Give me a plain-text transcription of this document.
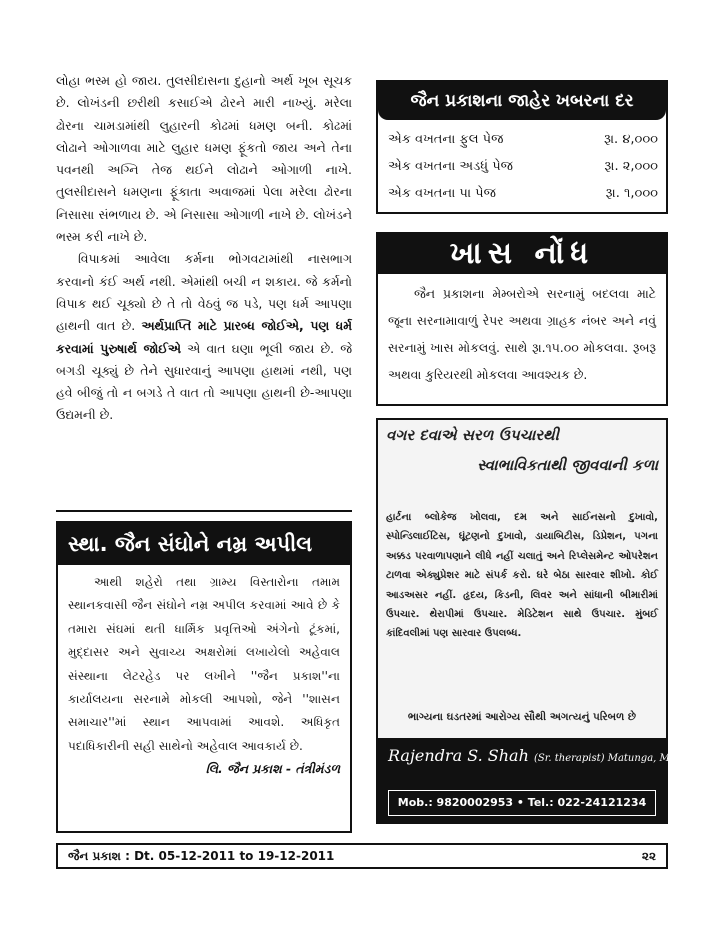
લોહા ભસ્મ હો જાય. તુલસીદાસના દુહાનો અર્થ ખૂબ સૂચક છે. લોખંડની છરીથી કસાઈએ ઢોરને મારી નાખ્યું. મરેલા ઢોરના ચામડામાંથી લુહારની કોઢમાં ધમણ બની. કોઢમાં લોઢાને ઓગાળવા માટે લુહાર ધમણ ફૂંકતો જાય અને તેના પવનથી અગ્નિ તેજ થઈને લોઢાને ઓગાળી નાખે. તુલસીદાસને ધમણના ફૂંકાતા અવાજમાં પેલા મરેલા ઢોરના નિસાસા સંભળાય છે. એ નિસાસા ઓગાળી નાખે છે. લોખંડને ભસ્મ કરી નાખે છે.

વિપાકમાં આવેલા કર્મના ભોગવટામાંથી નાસભાગ કરવાનો કંઈ અર્થ નથી. એમાંથી બચી ન શકાય. જે કર્મનો વિપાક થઈ ચૂક્યો છે તે તો વેઠવું જ પડે, પણ ધર્મ આપણા હાથની વાત છે. અર્થપ્રાપ્તિ માટે પ્રારબ્ધ જોઈએ, પણ ધર્મ કરવામાં પુરુષાર્થ જોઈએ એ વાત ઘણા ભૂલી જાય છે. જે બગડી ચૂક્યું છે તેને સુધારવાનું આપણા હાથમાં નથી, પણ હવે બીજું તો ન બગડે તે વાત તો આપણા હાથની છે-આપણા ઉદ્યમની છે.

સ્થા. જૈન સંઘોને નમ્ર અપીલ
આથી શહેરો તથા ગ્રામ્ય વિસ્તારોના તમામ સ્થાનકવાસી જૈન સંઘોને નમ્ર અપીલ કરવામાં આવે છે કે તમારા સંઘમાં થતી ધાર્મિક પ્રવૃત્તિઓ અંગેનો ટૂંકમાં, મુદ્દાસર અને સુવાચ્ય અક્ષરોમાં લખાયેલો અહેવાલ સંસ્થાના લેટરહેડ પર લખીને ''જૈન પ્રકાશ''ના કાર્યાલયના સરનામે મોકલી આપશો, જેને ''શાસન સમાચાર''માં સ્થાન આપવામાં આવશે. અધિકૃત પદાધિકારીની સહી સાથેનો અહેવાલ આવકાર્ય છે.
લિ. જૈન પ્રકાશ - તંત્રીમંડળ
જૈન પ્રકાશના જાહેર ખબરના દર
એક વખતના ફુલ પેજ	રૂા. ૪,૦૦૦
એક વખતના અડધું પેજ	રૂા. ૨,૦૦૦
એક વખતના પા પેજ	રૂા. ૧,૦૦૦
ખાસ નોંધ
જૈન પ્રકાશના મેમ્બરોએ સરનામું બદલવા માટે જૂના સરનામાવાળું રેપર અથવા ગ્રાહક નંબર અને નવું સરનામું ખાસ મોકલવું. સાથે રૂા.૧૫.૦૦ મોકલવા. રૂબરૂ અથવા કુરિયરથી મોકલવા આવશ્યક છે.
વગર દવાએ સરળ ઉપચારથી
સ્વાભાવિકતાથી જીવવાની કળા
હાર્ટના બ્લોકેજ ખોલવા, દમ અને સાઈનસનો દુખાવો, સ્પોન્ડિલાઈટિસ, ઘૂંટણનો દુખાવો, ડાયાબિટીસ, ડિપ્રેશન, પગના અક્કડ પરવાળાપણાને લીધે નહીં ચલાતું અને રિપ્લેસમેન્ટ ઓપરેશન ટાળવા એક્યુપ્રેશર માટે સંપર્ક કરો. ઘરે બેઠા સારવાર શીખો. કોઈ આડઅસર નહીં. હૃદય, કિડની, લિવર અને સાંધાની બીમારીમાં ઉપચાર. થેરાપીમાં ઉપચાર. મેડિટેશન સાથે ઉપચાર. મુંબઈ કાંદિવલીમાં પણ સારવાર ઉપલબ્ધ.
ભાગ્યના ઘડતરમાં આરોગ્ય સૌથી અગત્યનું પરિબળ છે
Rajendra S. Shah (Sr. therapist) Matunga, Mumbai.
Mob.: 9820002953 • Tel.: 022-24121234
જૈન પ્રકાશ : Dt. 05-12-2011 to 19-12-2011	૨૨
